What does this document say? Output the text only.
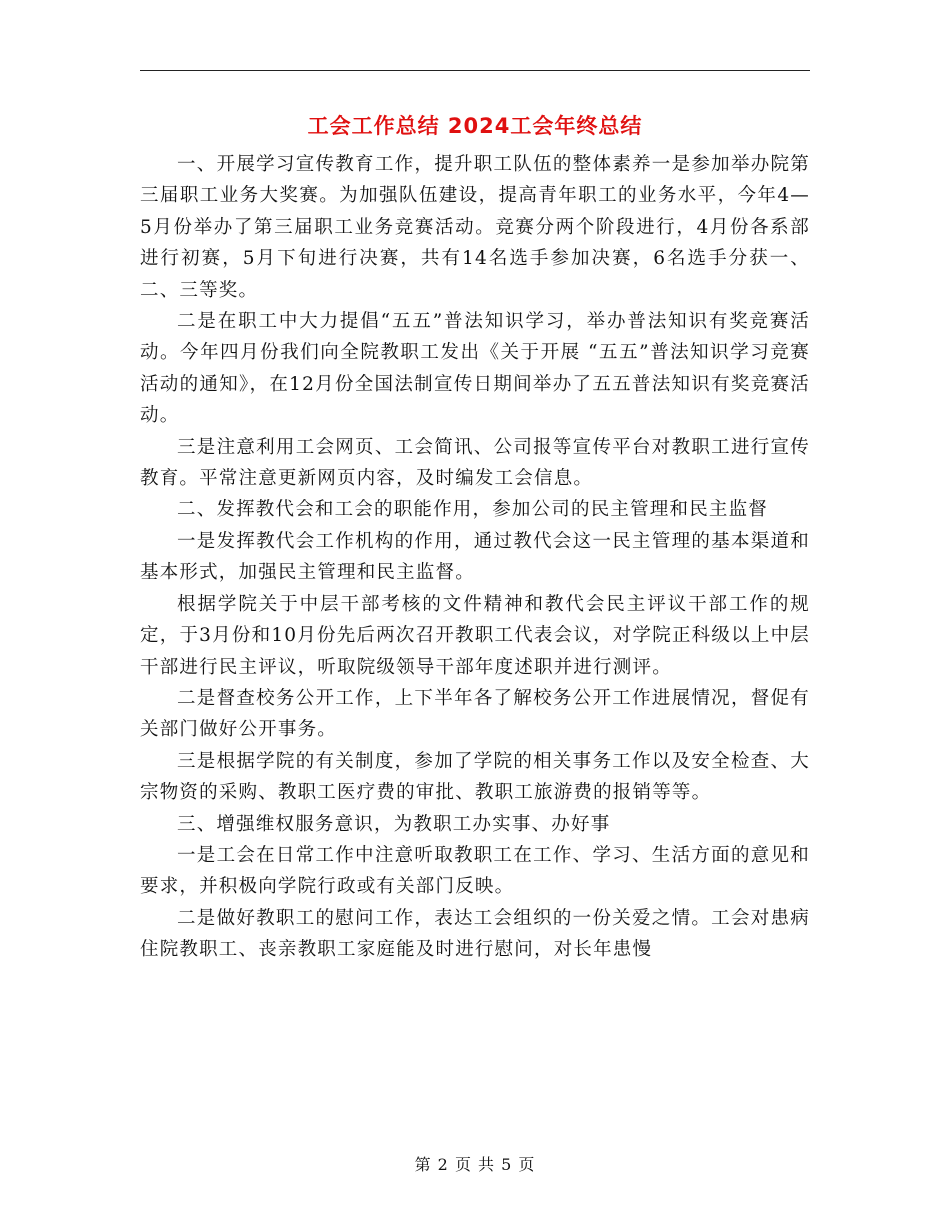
工会工作总结 2024工会年终总结

一、开展学习宣传教育工作，提升职工队伍的整体素养一是参加举办院第三届职工业务大奖赛。为加强队伍建设，提高青年职工的业务水平，今年4—5月份举办了第三届职工业务竞赛活动。竞赛分两个阶段进行，4月份各系部进行初赛，5月下旬进行决赛，共有14名选手参加决赛，6名选手分获一、二、三等奖。

二是在职工中大力提倡“五五”普法知识学习，举办普法知识有奖竞赛活动。今年四月份我们向全院教职工发出《关于开展 “五五”普法知识学习竞赛活动的通知》，在12月份全国法制宣传日期间举办了五五普法知识有奖竞赛活动。

三是注意利用工会网页、工会简讯、公司报等宣传平台对教职工进行宣传教育。平常注意更新网页内容，及时编发工会信息。

二、发挥教代会和工会的职能作用，参加公司的民主管理和民主监督

一是发挥教代会工作机构的作用，通过教代会这一民主管理的基本渠道和基本形式，加强民主管理和民主监督。

根据学院关于中层干部考核的文件精神和教代会民主评议干部工作的规定，于3月份和10月份先后两次召开教职工代表会议，对学院正科级以上中层干部进行民主评议，听取院级领导干部年度述职并进行测评。

二是督查校务公开工作，上下半年各了解校务公开工作进展情况，督促有关部门做好公开事务。

三是根据学院的有关制度，参加了学院的相关事务工作以及安全检查、大宗物资的采购、教职工医疗费的审批、教职工旅游费的报销等等。

三、增强维权服务意识，为教职工办实事、办好事

一是工会在日常工作中注意听取教职工在工作、学习、生活方面的意见和要求，并积极向学院行政或有关部门反映。

二是做好教职工的慰问工作，表达工会组织的一份关爱之情。工会对患病住院教职工、丧亲教职工家庭能及时进行慰问，对长年患慢

第 2 页 共 5 页
